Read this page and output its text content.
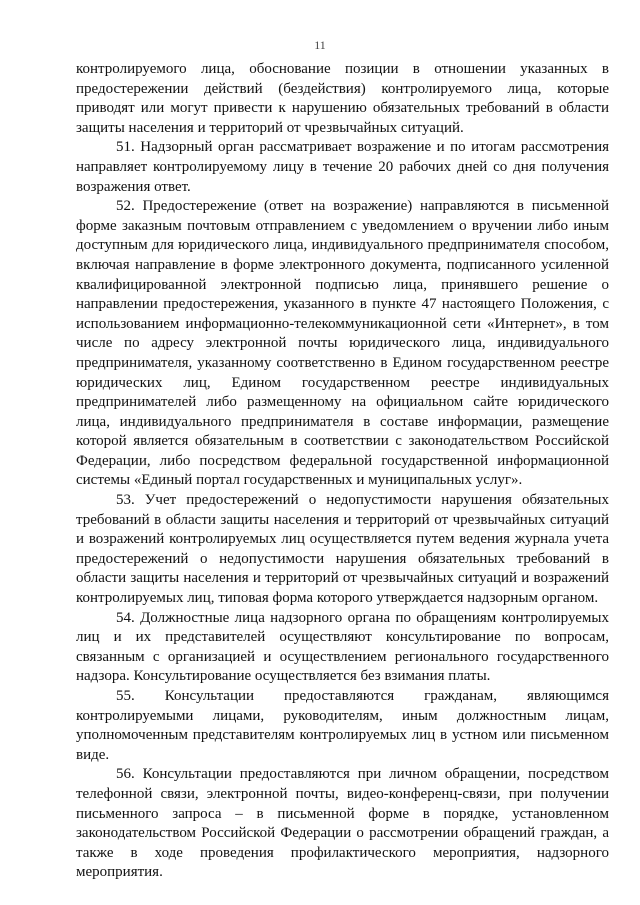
11

контролируемого лица, обоснование позиции в отношении указанных в предостережении действий (бездействия) контролируемого лица, которые приводят или могут привести к нарушению обязательных требований в области защиты населения и территорий от чрезвычайных ситуаций.

51. Надзорный орган рассматривает возражение и по итогам рассмотрения направляет контролируемому лицу в течение 20 рабочих дней со дня получения возражения ответ.

52. Предостережение (ответ на возражение) направляются в письменной форме заказным почтовым отправлением с уведомлением о вручении либо иным доступным для юридического лица, индивидуального предпринимателя способом, включая направление в форме электронного документа, подписанного усиленной квалифицированной электронной подписью лица, принявшего решение о направлении предостережения, указанного в пункте 47 настоящего Положения, с использованием информационно-телекоммуникационной сети «Интернет», в том числе по адресу электронной почты юридического лица, индивидуального предпринимателя, указанному соответственно в Едином государственном реестре юридических лиц, Едином государственном реестре индивидуальных предпринимателей либо размещенному на официальном сайте юридического лица, индивидуального предпринимателя в составе информации, размещение которой является обязательным в соответствии с законодательством Российской Федерации, либо посредством федеральной государственной информационной системы «Единый портал государственных и муниципальных услуг».

53. Учет предостережений о недопустимости нарушения обязательных требований в области защиты населения и территорий от чрезвычайных ситуаций и возражений контролируемых лиц осуществляется путем ведения журнала учета предостережений о недопустимости нарушения обязательных требований в области защиты населения и территорий от чрезвычайных ситуаций и возражений контролируемых лиц, типовая форма которого утверждается надзорным органом.

54. Должностные лица надзорного органа по обращениям контролируемых лиц и их представителей осуществляют консультирование по вопросам, связанным с организацией и осуществлением регионального государственного надзора. Консультирование осуществляется без взимания платы.

55. Консультации предоставляются гражданам, являющимся контролируемыми лицами, руководителям, иным должностным лицам, уполномоченным представителям контролируемых лиц в устном или письменном виде.

56. Консультации предоставляются при личном обращении, посредством телефонной связи, электронной почты, видео-конференц-связи, при получении письменного запроса – в письменной форме в порядке, установленном законодательством Российской Федерации о рассмотрении обращений граждан, а также в ходе проведения профилактического мероприятия, надзорного мероприятия.
